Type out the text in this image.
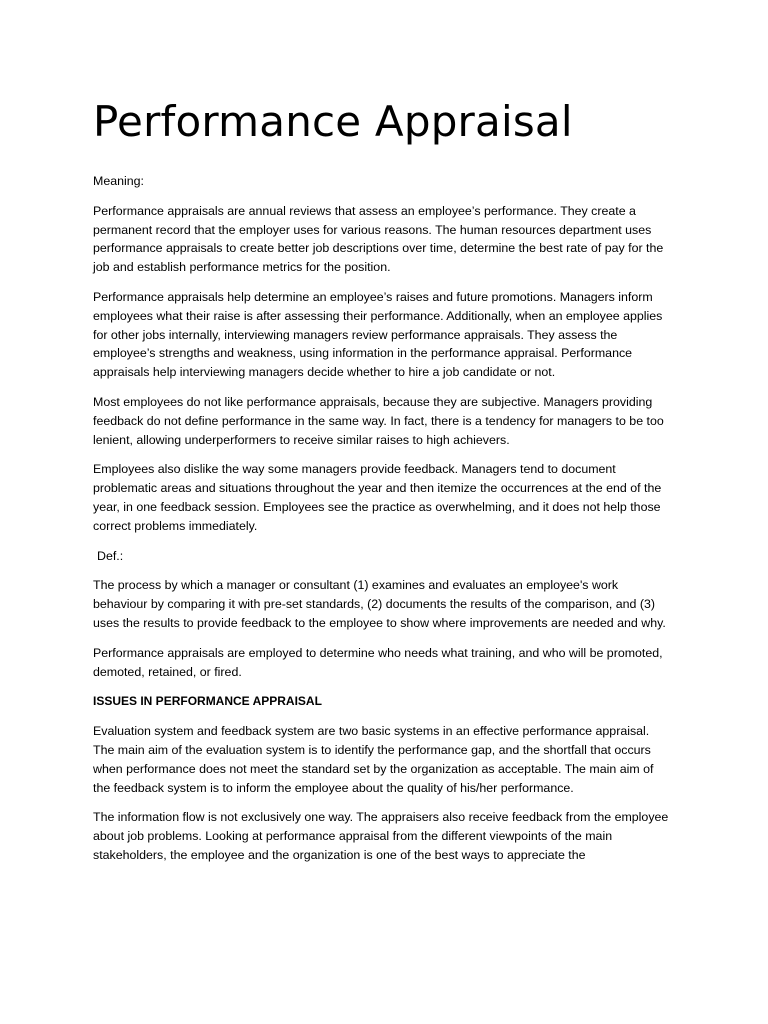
Performance Appraisal

Meaning:

Performance appraisals are annual reviews that assess an employee’s performance. They create a permanent record that the employer uses for various reasons. The human resources department uses performance appraisals to create better job descriptions over time, determine the best rate of pay for the job and establish performance metrics for the position.

Performance appraisals help determine an employee’s raises and future promotions. Managers inform employees what their raise is after assessing their performance. Additionally, when an employee applies for other jobs internally, interviewing managers review performance appraisals. They assess the employee’s strengths and weakness, using information in the performance appraisal. Performance appraisals help interviewing managers decide whether to hire a job candidate or not.

Most employees do not like performance appraisals, because they are subjective. Managers providing feedback do not define performance in the same way. In fact, there is a tendency for managers to be too lenient, allowing underperformers to receive similar raises to high achievers.

Employees also dislike the way some managers provide feedback. Managers tend to document problematic areas and situations throughout the year and then itemize the occurrences at the end of the year, in one feedback session. Employees see the practice as overwhelming, and it does not help those correct problems immediately.

Def.:

The process by which a manager or consultant (1) examines and evaluates an employee's work behaviour by comparing it with pre-set standards, (2) documents the results of the comparison, and (3) uses the results to provide feedback to the employee to show where improvements are needed and why.

Performance appraisals are employed to determine who needs what training, and who will be promoted, demoted, retained, or fired.

ISSUES IN PERFORMANCE APPRAISAL

Evaluation system and feedback system are two basic systems in an effective performance appraisal. The main aim of the evaluation system is to identify the performance gap, and the shortfall that occurs when performance does not meet the standard set by the organization as acceptable. The main aim of the feedback system is to inform the employee about the quality of his/her performance.

The information flow is not exclusively one way. The appraisers also receive feedback from the employee about job problems. Looking at performance appraisal from the different viewpoints of the main stakeholders, the employee and the organization is one of the best ways to appreciate the
